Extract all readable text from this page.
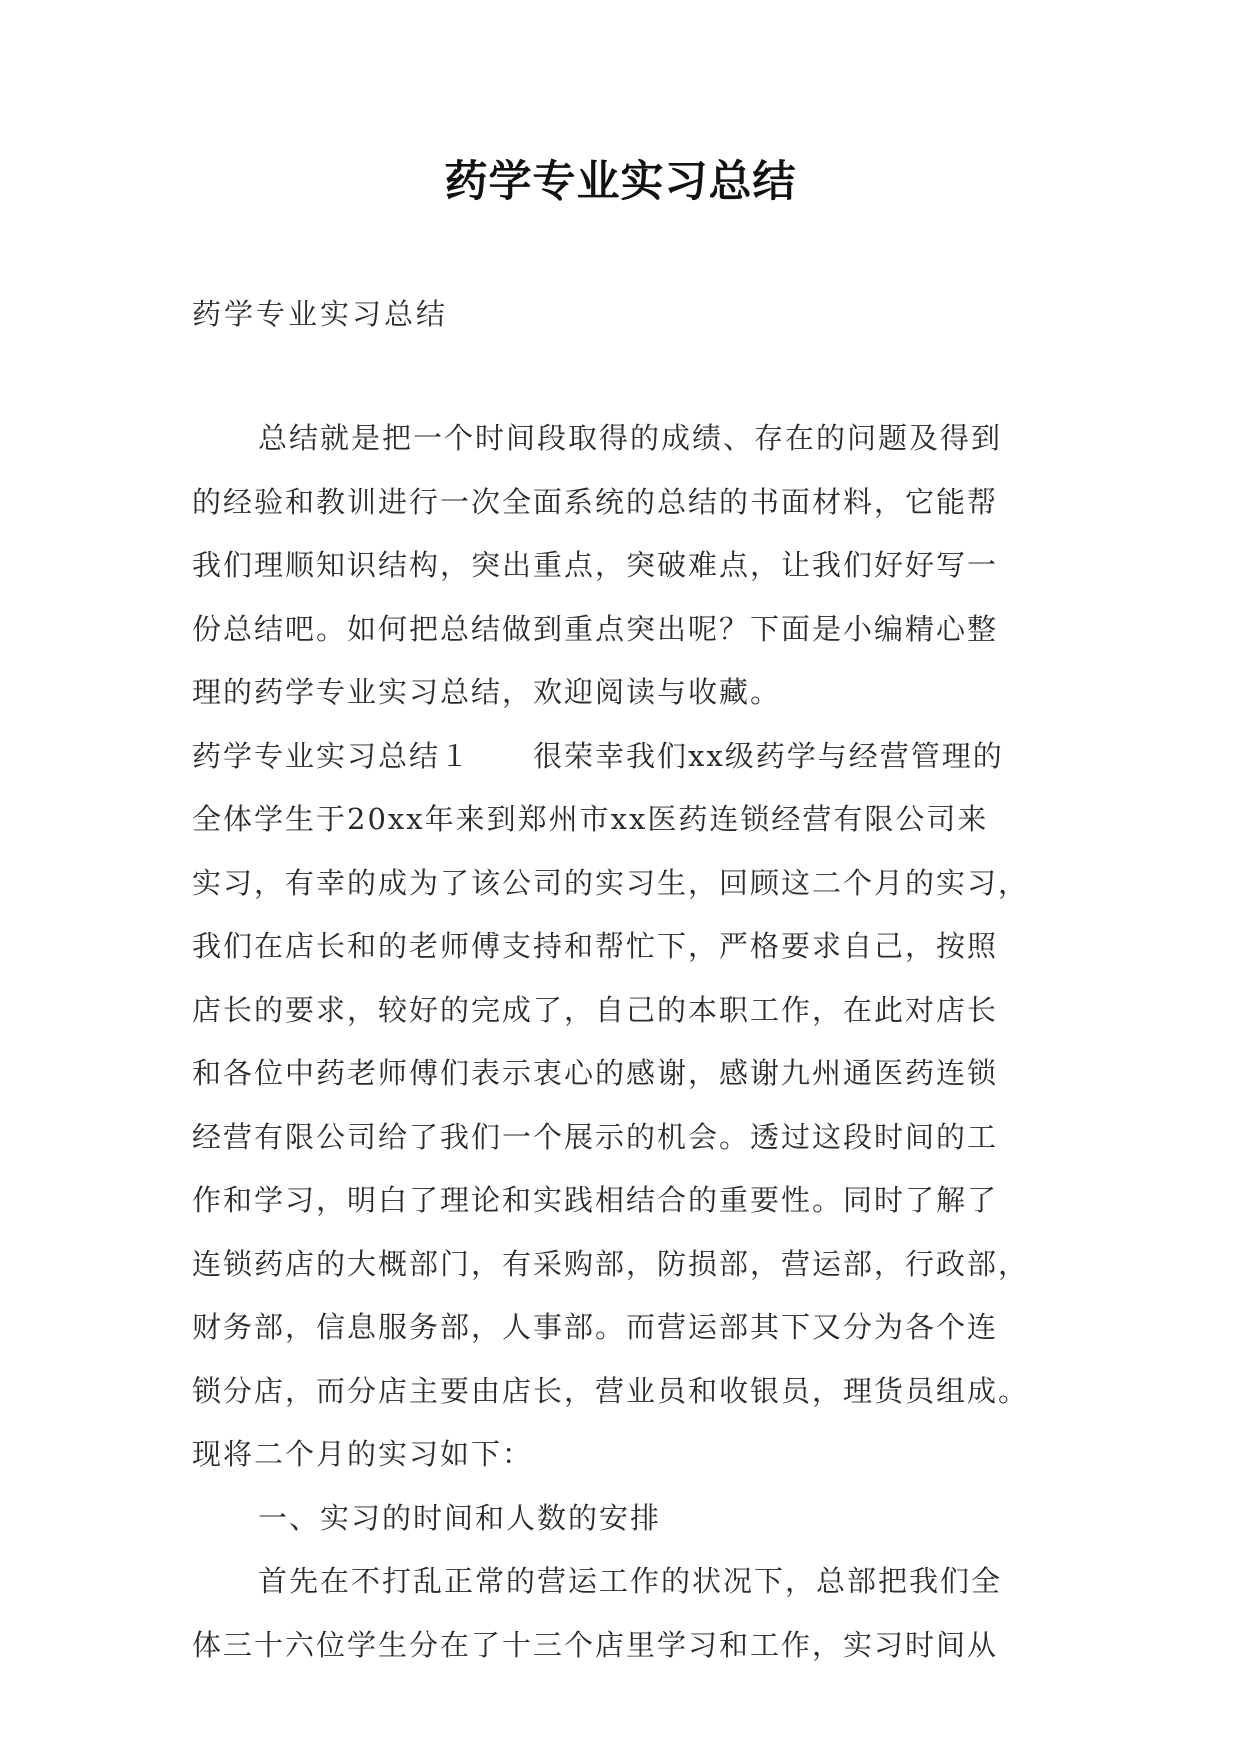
药学专业实习总结

药学专业实习总结

总结就是把一个时间段取得的成绩、存在的问题及得到
的经验和教训进行一次全面系统的总结的书面材料，它能帮
我们理顺知识结构，突出重点，突破难点，让我们好好写一
份总结吧。如何把总结做到重点突出呢？下面是小编精心整
理的药学专业实习总结，欢迎阅读与收藏。
药学专业实习总结１　　很荣幸我们xx级药学与经营管理的
全体学生于20xx年来到郑州市xx医药连锁经营有限公司来
实习，有幸的成为了该公司的实习生，回顾这二个月的实习，
我们在店长和的老师傅支持和帮忙下，严格要求自己，按照
店长的要求，较好的完成了，自己的本职工作，在此对店长
和各位中药老师傅们表示衷心的感谢，感谢九州通医药连锁
经营有限公司给了我们一个展示的机会。透过这段时间的工
作和学习，明白了理论和实践相结合的重要性。同时了解了
连锁药店的大概部门，有采购部，防损部，营运部，行政部，
财务部，信息服务部，人事部。而营运部其下又分为各个连
锁分店，而分店主要由店长，营业员和收银员，理货员组成。
现将二个月的实习如下：
一、实习的时间和人数的安排
首先在不打乱正常的营运工作的状况下，总部把我们全
体三十六位学生分在了十三个店里学习和工作，实习时间从
